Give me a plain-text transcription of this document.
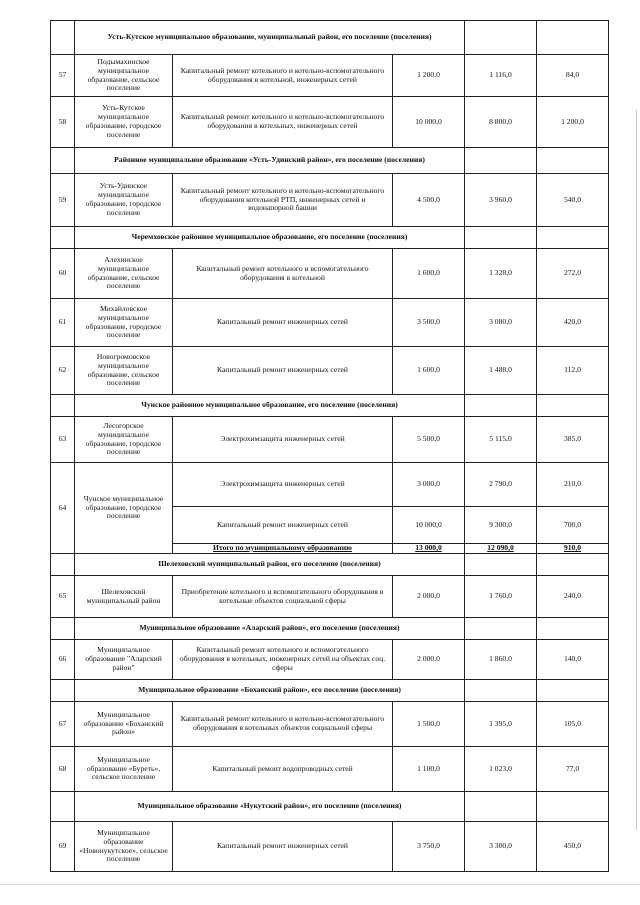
	Усть-Кутское муниципальное образование, муниципальный район, его поселение (поселения)				
57	Подымахинское муниципальное образование, сельское поселение	Капитальный ремонт котельного и котельно-вспомогательного оборудования в котельной, инженерных сетей	1 200,0	1 116,0	84,0
58	Усть-Кутское муниципальное образование, городское поселение	Капитальный ремонт котельного и котельно-вспомогательного оборудования в котельных, инженерных сетей	10 000,0	8 800,0	1 200,0
	Районное муниципальное образование «Усть-Удинский район», его поселение (поселения)				
59	Усть-Удинское муниципальное образование, городское поселение	Капитальный ремонт котельного и котельно-вспомогательного оборудования котельной РТП, инженерных сетей и водонапорной башни	4 500,0	3 960,0	540,0
	Черемховское районное муниципальное образование, его поселение (поселения)				
60	Алехинское муниципальное образование, сельское поселение	Капитальный ремонт котельного и вспомогательного оборудования в котельной	1 600,0	1 328,0	272,0
61	Михайловское муниципальное образование, городское поселение	Капитальный ремонт инженерных сетей	3 500,0	3 080,0	420,0
62	Новогромовское муниципальное образование, сельское поселение	Капитальный ремонт инженерных сетей	1 600,0	1 488,0	112,0
	Чунское районное муниципальное образование, его поселение (поселения)				
63	Лесогорское муниципальное образование, городское поселение	Электрохимзащита инженерных сетей	5 500,0	5 115,0	385,0
64	Чунское муниципальное образование, городское поселение	Электрохимзащита инженерных сетей	3 000,0	2 790,0	210,0
		Капитальный ремонт инженерных сетей	10 000,0	9 300,0	700,0
		Итого по муниципальному образованию	13 000,0	12 090,0	910,0
	Шелеховский муниципальный район, его поселение (поселения)				
65	Шелеховский муниципальный район	Приобретение котельного и вспомогательного оборудования в котельные объектов социальной сферы	2 000,0	1 760,0	240,0
	Муниципальное образование «Аларский район», его поселение (поселения)				
66	Муниципальное образование "Аларский район"	Капитальный ремонт котельного и вспомогательного оборудования в котельных, инженерных сетей на объектах соц. сферы	2 000,0	1 860,0	140,0
	Муниципальное образование «Боханский район», его поселение (поселения)				
67	Муниципальное образование «Боханский район»	Капитальный ремонт котельного и котельно-вспомогательного оборудования в котельных объектов социальной сферы	1 500,0	1 395,0	105,0
68	Муниципальное образование «Буреть», сельское поселение	Капитальный ремонт водопроводных сетей	1 100,0	1 023,0	77,0
	Муниципальное образование «Нукутский район», его поселение (поселения)				
69	Муниципальное образование «Новонукутское», сельское поселение	Капитальный ремонт инженерных сетей	3 750,0	3 300,0	450,0
